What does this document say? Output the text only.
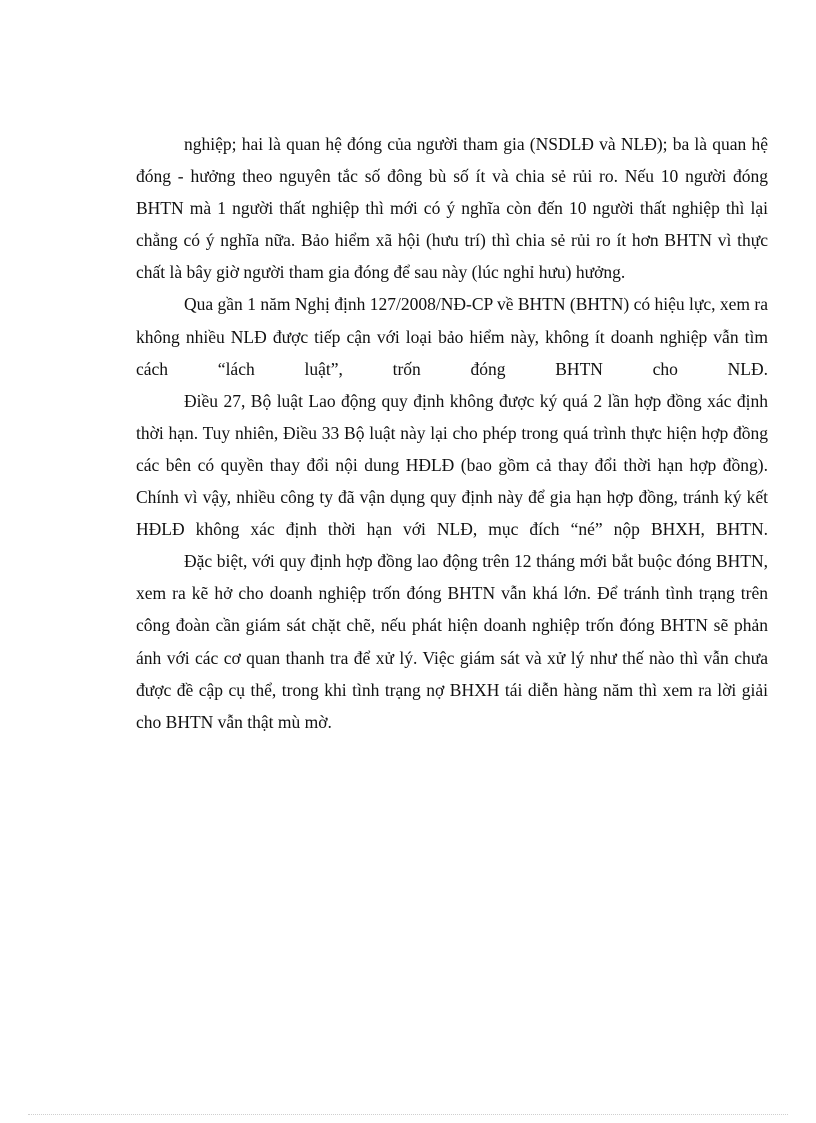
nghiệp; hai là quan hệ đóng của người tham gia (NSDLĐ và NLĐ); ba là quan hệ đóng - hưởng theo nguyên tắc số đông bù số ít và chia sẻ rủi ro. Nếu 10 người đóng BHTN mà 1 người thất nghiệp thì mới có ý nghĩa còn đến 10 người thất nghiệp thì lại chẳng có ý nghĩa nữa. Bảo hiểm xã hội (hưu trí) thì chia sẻ rủi ro ít hơn BHTN vì thực chất là bây giờ người tham gia đóng để sau này (lúc nghỉ hưu) hưởng.

Qua gần 1 năm Nghị định 127/2008/NĐ-CP về BHTN (BHTN) có hiệu lực, xem ra không nhiều NLĐ được tiếp cận với loại bảo hiểm này, không ít doanh nghiệp vẫn tìm cách “lách luật”, trốn đóng BHTN cho NLĐ.

Điều 27, Bộ luật Lao động quy định không được ký quá 2 lần hợp đồng xác định thời hạn. Tuy nhiên, Điều 33 Bộ luật này lại cho phép trong quá trình thực hiện hợp đồng các bên có quyền thay đổi nội dung HĐLĐ (bao gồm cả thay đổi thời hạn hợp đồng). Chính vì vậy, nhiều công ty đã vận dụng quy định này để gia hạn hợp đồng, tránh ký kết HĐLĐ không xác định thời hạn với NLĐ, mục đích “né” nộp BHXH, BHTN.

Đặc biệt, với quy định hợp đồng lao động trên 12 tháng mới bắt buộc đóng BHTN, xem ra kẽ hở cho doanh nghiệp trốn đóng BHTN vẫn khá lớn. Để tránh tình trạng trên công đoàn cần giám sát chặt chẽ, nếu phát hiện doanh nghiệp trốn đóng BHTN sẽ phản ánh với các cơ quan thanh tra để xử lý. Việc giám sát và xử lý như thế nào thì vẫn chưa được đề cập cụ thể, trong khi tình trạng nợ BHXH tái diễn hàng năm thì xem ra lời giải cho BHTN vẫn thật mù mờ.
